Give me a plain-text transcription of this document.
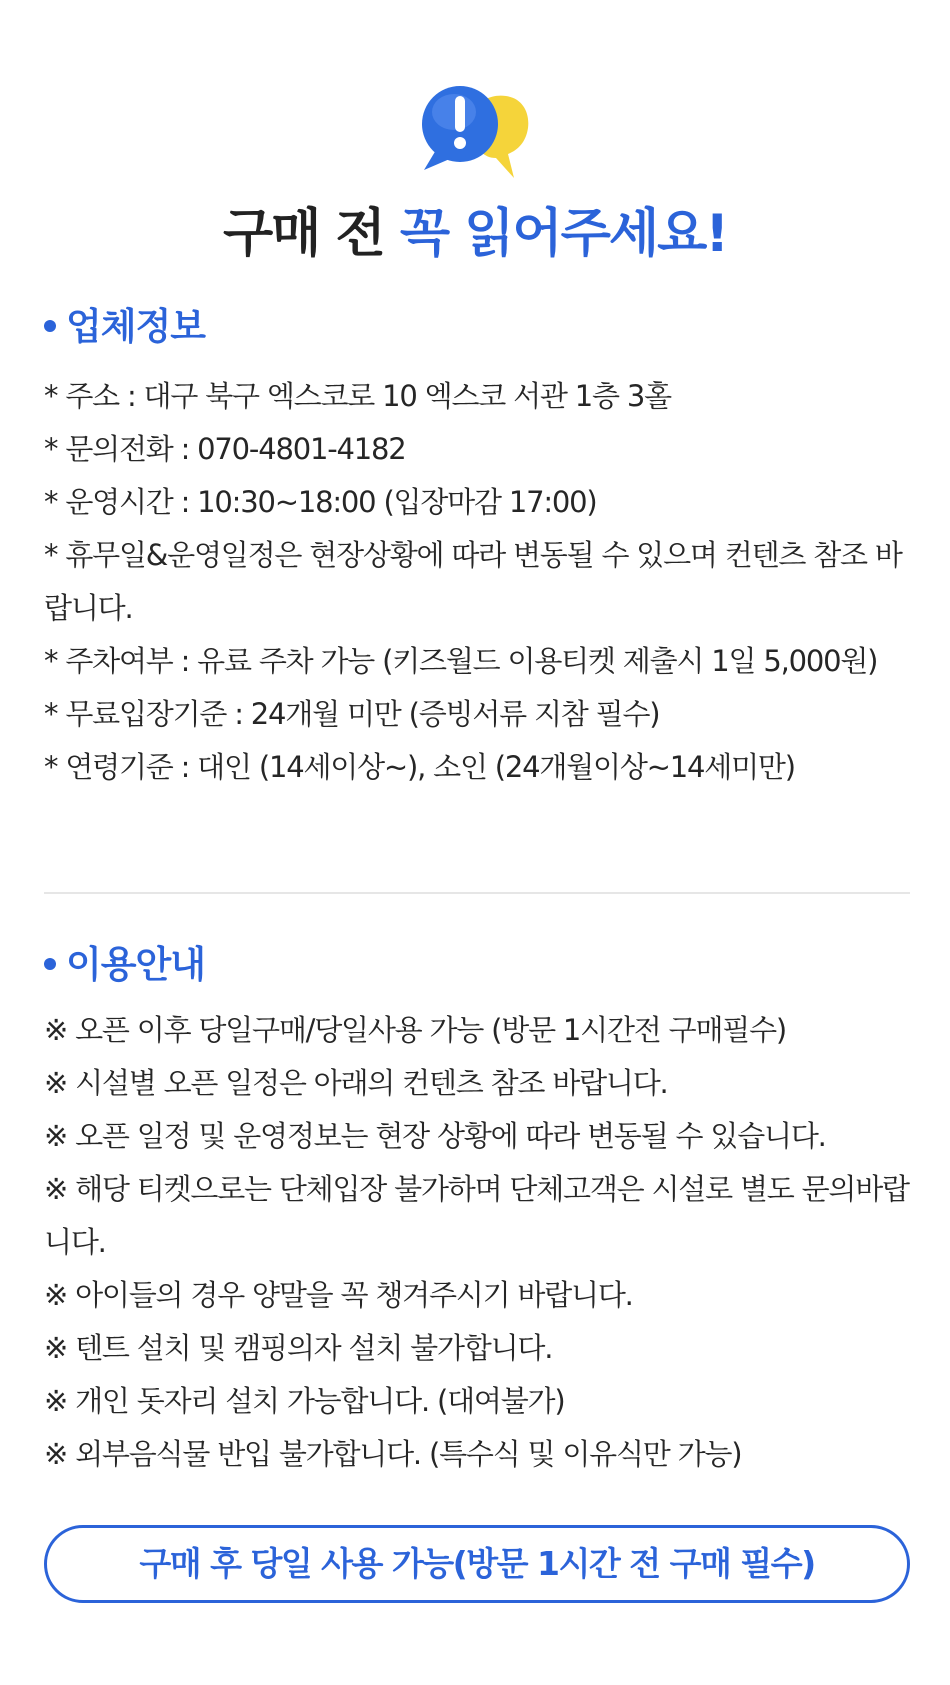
구매 전 꼭 읽어주세요!
업체정보
* 주소 : 대구 북구 엑스코로 10 엑스코 서관 1층 3홀
* 문의전화 : 070-4801-4182
* 운영시간 : 10:30~18:00 (입장마감 17:00)
* 휴무일&운영일정은 현장상황에 따라 변동될 수 있으며 컨텐츠 참조 바랍니다.
* 주차여부 : 유료 주차 가능 (키즈월드 이용티켓 제출시 1일 5,000원)
* 무료입장기준 : 24개월 미만 (증빙서류 지참 필수)
* 연령기준 : 대인 (14세이상~), 소인 (24개월이상~14세미만)
이용안내
※ 오픈 이후 당일구매/당일사용 가능 (방문 1시간전 구매필수)
※ 시설별 오픈 일정은 아래의 컨텐츠 참조 바랍니다.
※ 오픈 일정 및 운영정보는 현장 상황에 따라 변동될 수 있습니다.
※ 해당 티켓으로는 단체입장 불가하며 단체고객은 시설로 별도 문의바랍니다.
※ 아이들의 경우 양말을 꼭 챙겨주시기 바랍니다.
※ 텐트 설치 및 캠핑의자 설치 불가합니다.
※ 개인 돗자리 설치 가능합니다. (대여불가)
※ 외부음식물 반입 불가합니다. (특수식 및 이유식만 가능)
구매 후 당일 사용 가능(방문 1시간 전 구매 필수)
